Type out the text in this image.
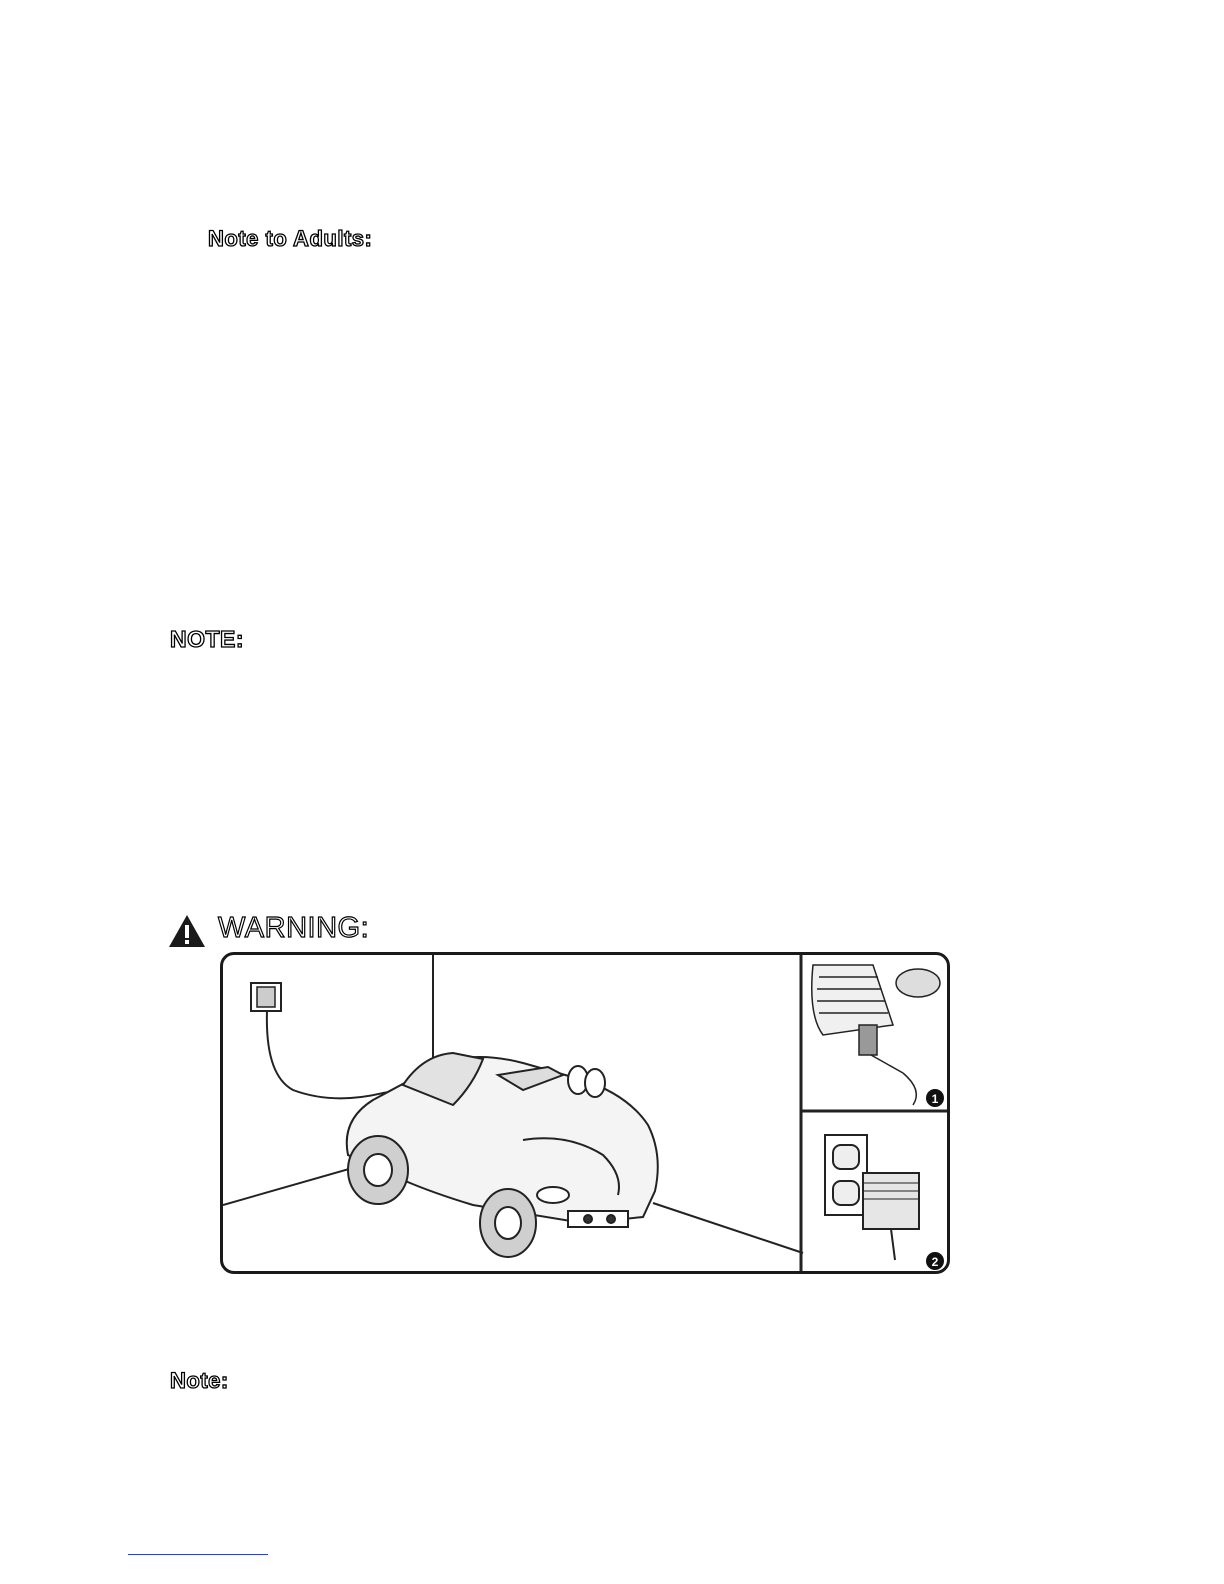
Note to Adults:
NOTE:
WARNING:
1
2
Note:
